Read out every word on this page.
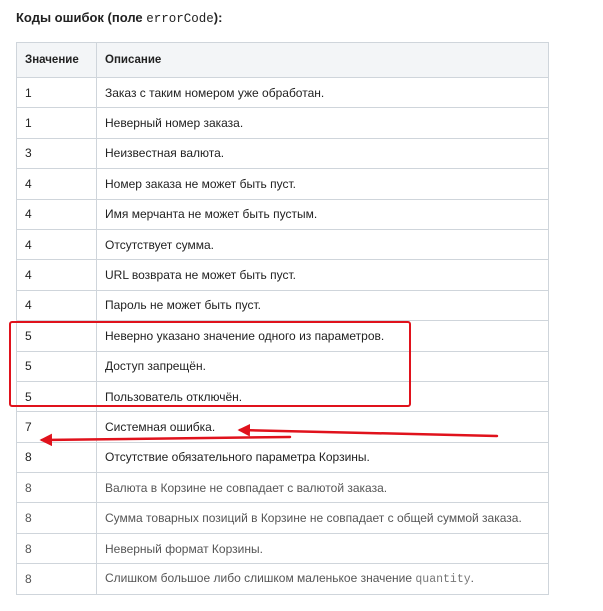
Коды ошибок (поле errorCode):
Значение	Описание
1	Заказ с таким номером уже обработан.
1	Неверный номер заказа.
3	Неизвестная валюта.
4	Номер заказа не может быть пуст.
4	Имя мерчанта не может быть пустым.
4	Отсутствует сумма.
4	URL возврата не может быть пуст.
4	Пароль не может быть пуст.
5	Неверно указано значение одного из параметров.
5	Доступ запрещён.
5	Пользователь отключён.
7	Системная ошибка.
8	Отсутствие обязательного параметра Корзины.
8	Валюта в Корзине не совпадает с валютой заказа.
8	Сумма товарных позиций в Корзине не совпадает с общей суммой заказа.
8	Неверный формат Корзины.
8	Слишком большое либо слишком маленькое значение quantity.
